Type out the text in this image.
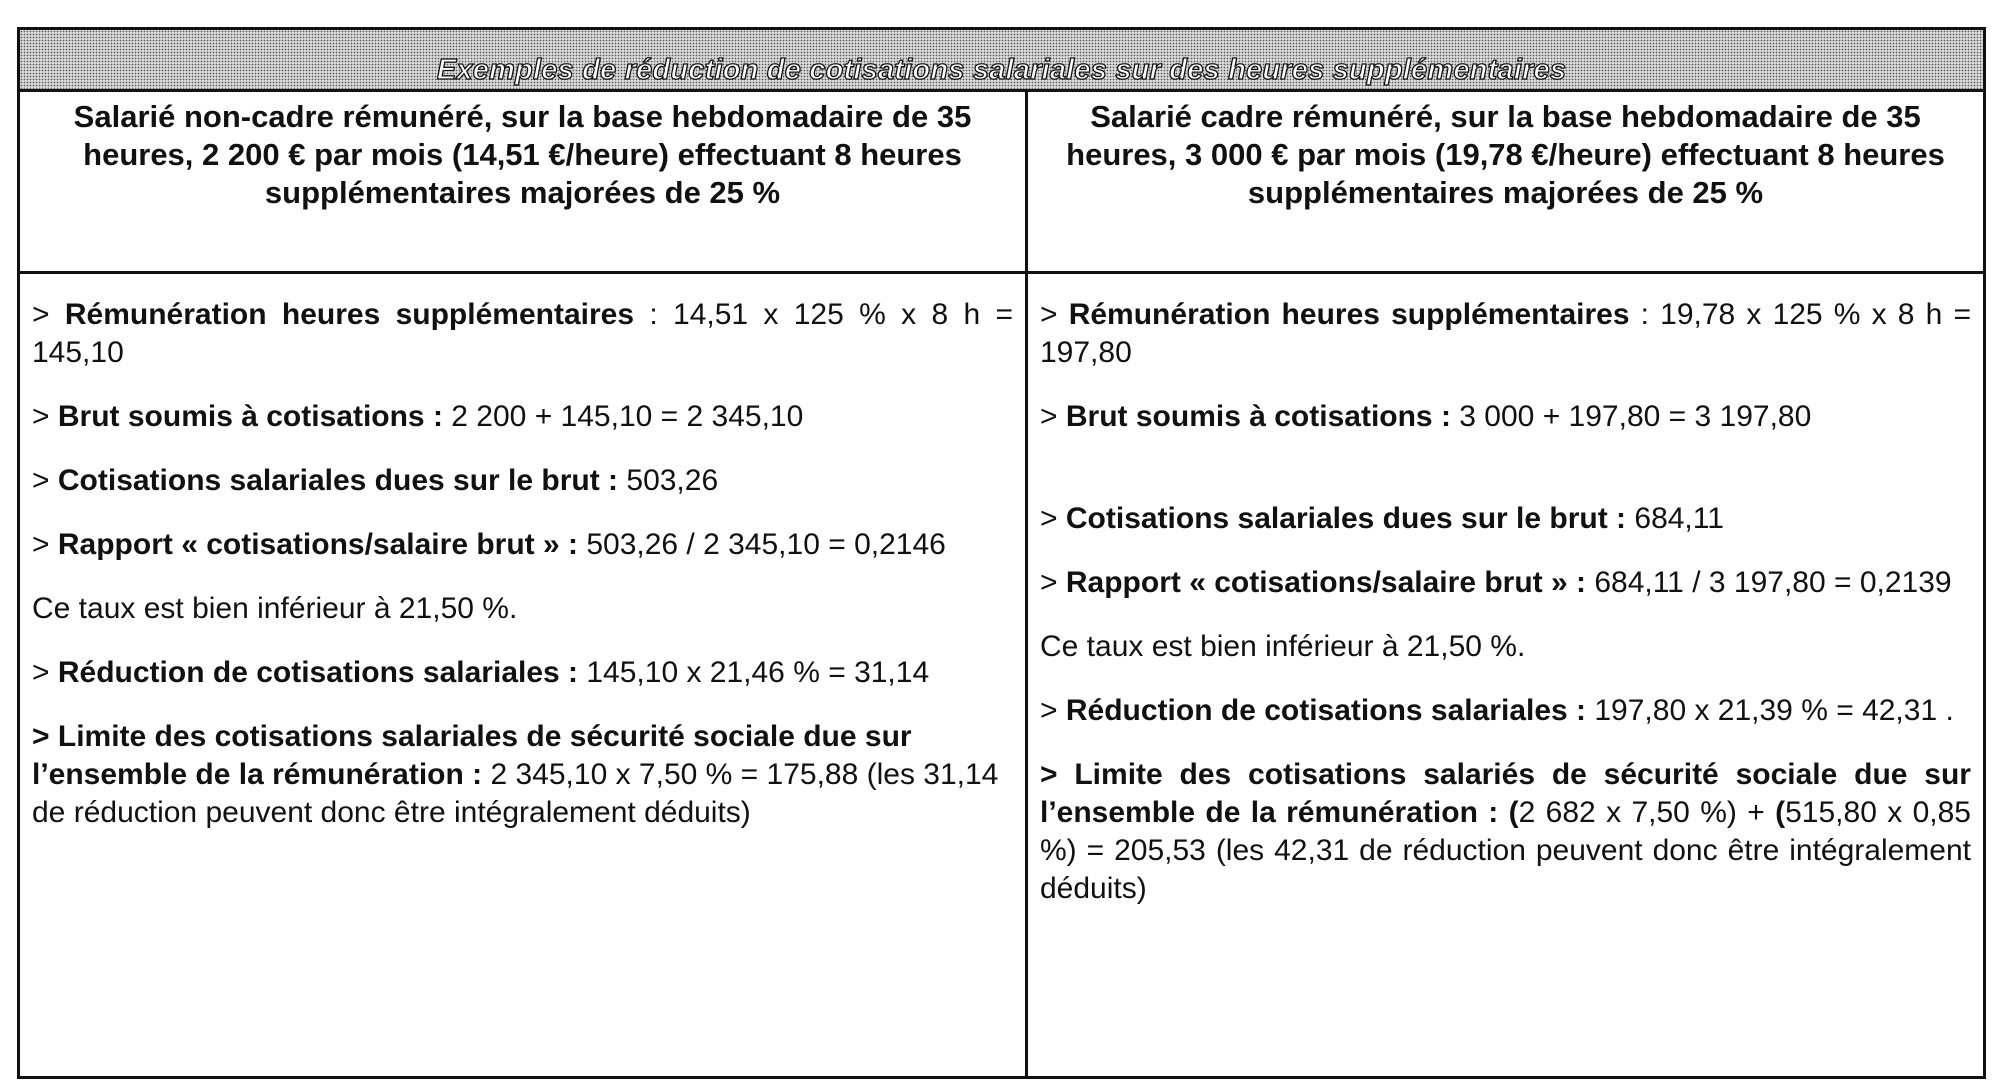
Exemples de réduction de cotisations salariales sur des heures supplémentaires
Salarié non-cadre rémunéré, sur la base hebdomadaire de 35 heures, 2 200 € par mois (14,51 €/heure) effectuant 8 heures supplémentaires majorées de 25 %

> Rémunération heures supplémentaires : 14,51 x 125 % x 8 h = 145,10

> Brut soumis à cotisations : 2 200 + 145,10 = 2 345,10

> Cotisations salariales dues sur le brut : 503,26

> Rapport « cotisations/salaire brut » : 503,26 / 2 345,10 = 0,2146

Ce taux est bien inférieur à 21,50 %.

> Réduction de cotisations salariales : 145,10 x 21,46 % = 31,14

> Limite des cotisations salariales de sécurité sociale due sur l’ensemble de la rémunération : 2 345,10 x 7,50 % = 175,88 (les 31,14 de réduction peuvent donc être intégralement déduits)

Salarié cadre rémunéré, sur la base hebdomadaire de 35 heures, 3 000 € par mois (19,78 €/heure) effectuant 8 heures supplémentaires majorées de 25 %

> Rémunération heures supplémentaires : 19,78 x 125 % x 8 h = 197,80

> Brut soumis à cotisations : 3 000 + 197,80 = 3 197,80

> Cotisations salariales dues sur le brut : 684,11

> Rapport « cotisations/salaire brut » : 684,11 / 3 197,80 = 0,2139

Ce taux est bien inférieur à 21,50 %.

> Réduction de cotisations salariales : 197,80 x 21,39 % = 42,31 .

> Limite des cotisations salariés de sécurité sociale due sur l’ensemble de la rémunération : (2 682 x 7,50 %) + (515,80 x 0,85 %) = 205,53 (les 42,31 de réduction peuvent donc être intégralement déduits)
